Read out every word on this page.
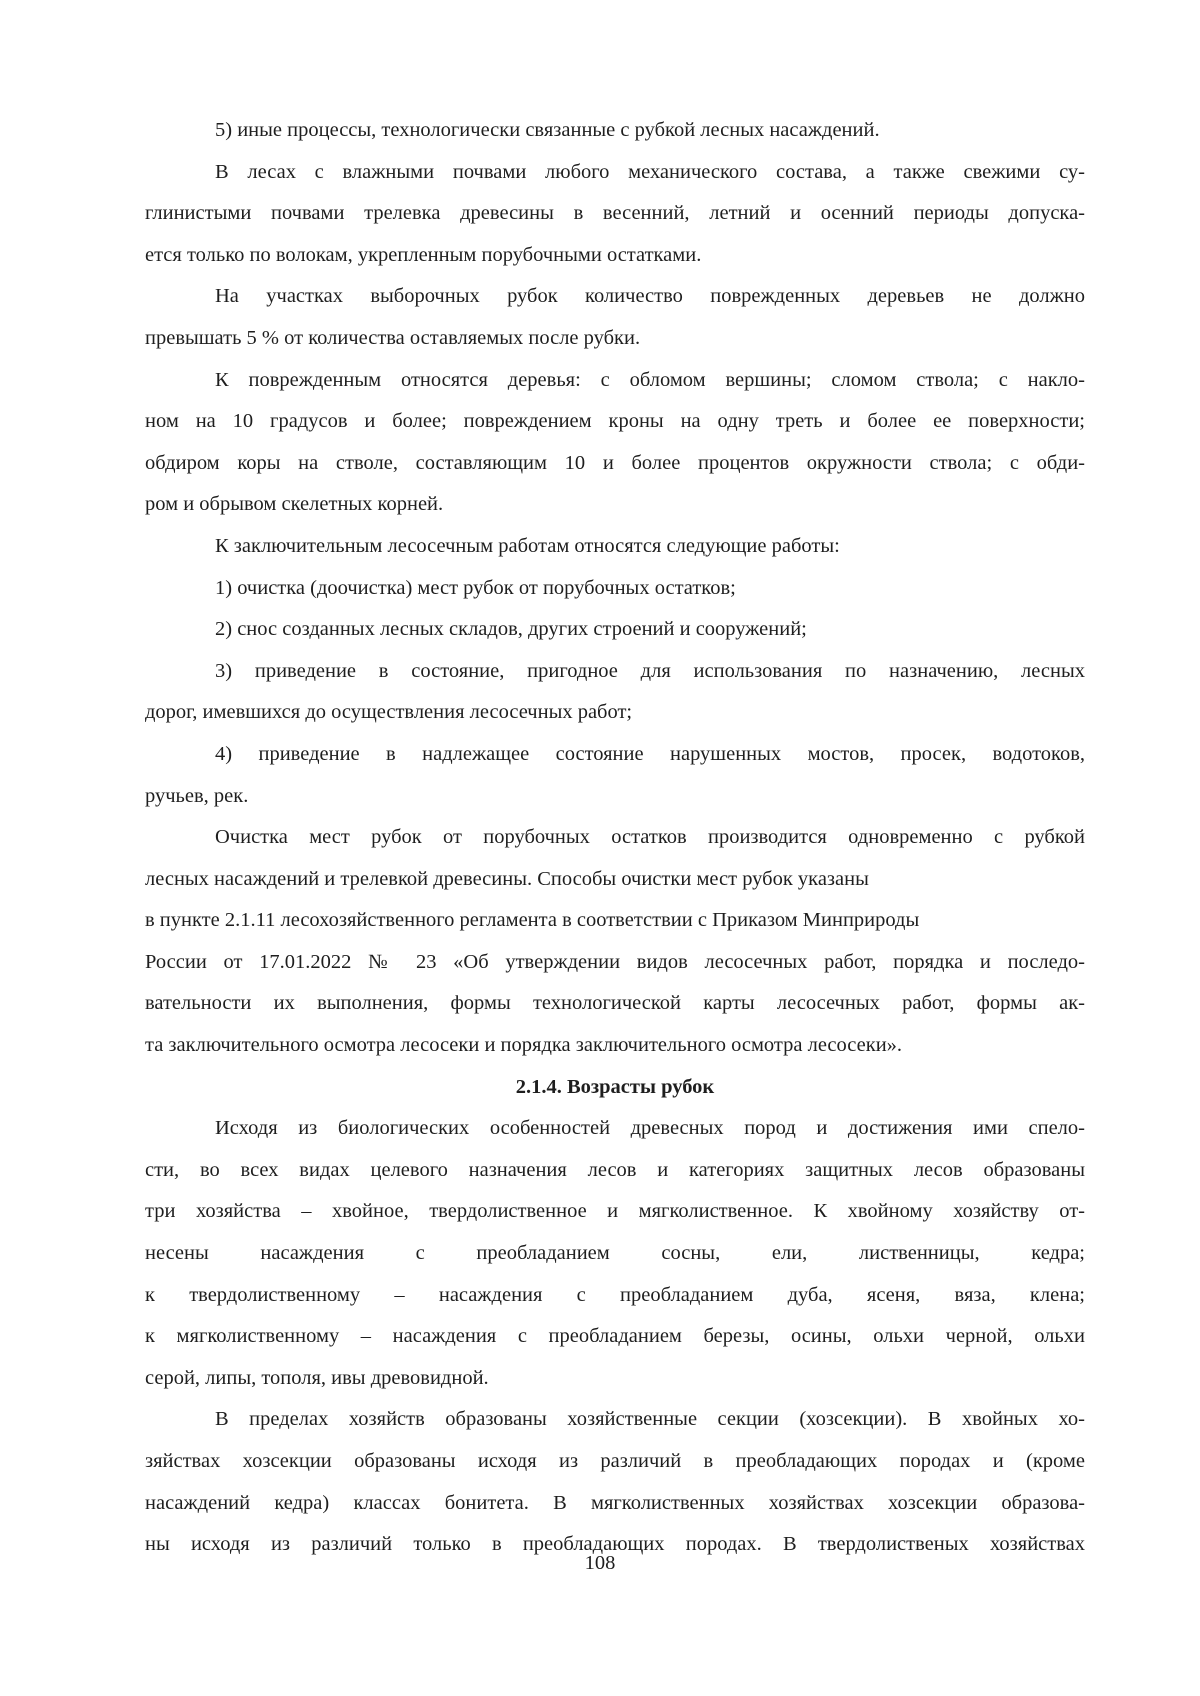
5) иные процессы, технологически связанные с рубкой лесных насаждений.
В лесах с влажными почвами любого механического состава, а также свежими су-
глинистыми почвами трелевка древесины в весенний, летний и осенний периоды допуска-
ется только по волокам, укрепленным порубочными остатками.
На участках выборочных рубок количество поврежденных деревьев не должно
превышать 5 % от количества оставляемых после рубки.
К поврежденным относятся деревья: с обломом вершины; сломом ствола; с накло-
ном на 10 градусов и более; повреждением кроны на одну треть и более ее поверхности;
обдиром коры на стволе, составляющим 10 и более процентов окружности ствола; с обди-
ром и обрывом скелетных корней.
К заключительным лесосечным работам относятся следующие работы:
1) очистка (доочистка) мест рубок от порубочных остатков;
2) снос созданных лесных складов, других строений и сооружений;
3) приведение в состояние, пригодное для использования по назначению, лесных
дорог, имевшихся до осуществления лесосечных работ;
4) приведение в надлежащее состояние нарушенных мостов, просек, водотоков,
ручьев, рек.
Очистка мест рубок от порубочных остатков производится одновременно с рубкой
лесных насаждений и трелевкой древесины. Способы очистки мест рубок указаны
в пункте 2.1.11 лесохозяйственного регламента в соответствии с Приказом Минприроды
России от 17.01.2022 № 23 «Об утверждении видов лесосечных работ, порядка и последо-
вательности их выполнения, формы технологической карты лесосечных работ, формы ак-
та заключительного осмотра лесосеки и порядка заключительного осмотра лесосеки».
2.1.4. Возрасты рубок
Исходя из биологических особенностей древесных пород и достижения ими спело-
сти, во всех видах целевого назначения лесов и категориях защитных лесов образованы
три хозяйства – хвойное, твердолиственное и мягколиственное. К хвойному хозяйству от-
несены насаждения с преобладанием сосны, ели, лиственницы, кедра;
к твердолиственному – насаждения с преобладанием дуба, ясеня, вяза, клена;
к мягколиственному – насаждения с преобладанием березы, осины, ольхи черной, ольхи
серой, липы, тополя, ивы древовидной.
В пределах хозяйств образованы хозяйственные секции (хозсекции). В хвойных хо-
зяйствах хозсекции образованы исходя из различий в преобладающих породах и (кроме
насаждений кедра) классах бонитета. В мягколиственных хозяйствах хозсекции образова-
ны исходя из различий только в преобладающих породах. В твердолиственых хозяйствах
108
